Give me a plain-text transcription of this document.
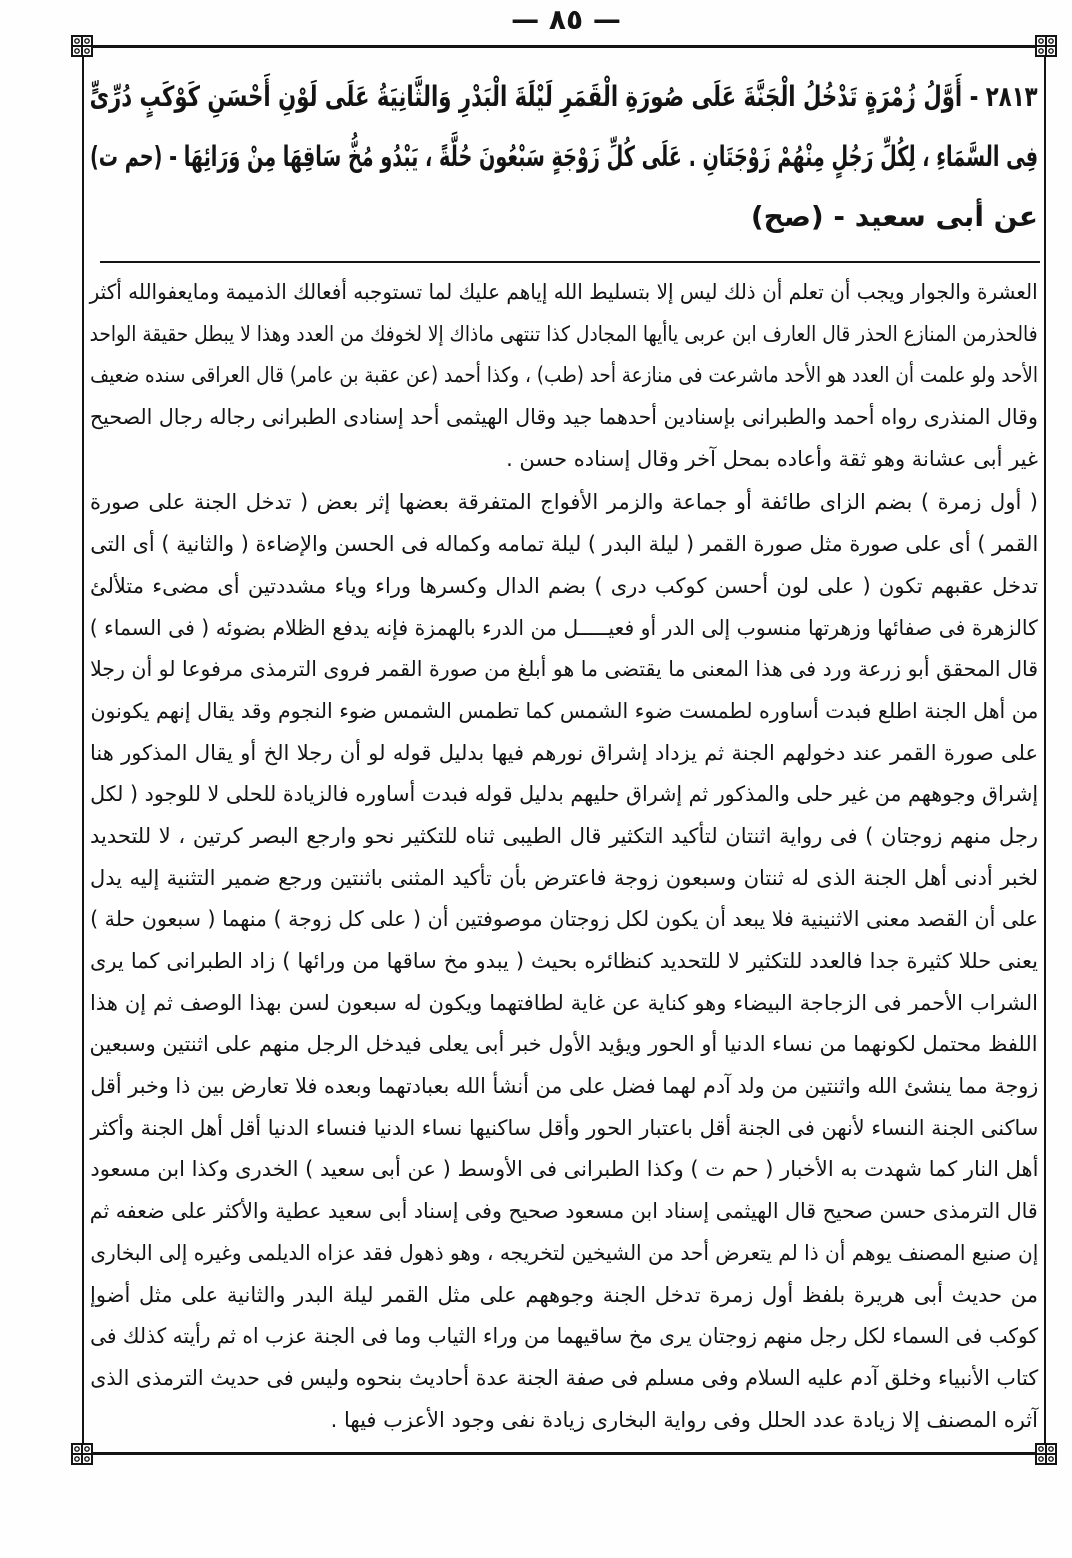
— ٨٥ —
٢٨١٣ - أَوَّلُ زُمْرَةٍ تَدْخُلُ الْجَنَّةَ عَلَى صُورَةِ الْقَمَرِ لَيْلَةَ الْبَدْرِ وَالثَّانِيَةُ عَلَى لَوْنِ أَحْسَنِ كَوْكَبٍ دُرِّىٍّ
فِى السَّمَاءِ ، لِكُلِّ رَجُلٍ مِنْهُمْ زَوْجَتَانِ . عَلَى كُلِّ زَوْجَةٍ سَبْعُونَ حُلَّةً ، يَبْدُو مُخُّ سَاقِهَا مِنْ وَرَائِهَا - (حم ت)
عن أبى سعيد - (صح)
العشرة والجوار ويجب أن تعلم أن ذلك ليس إلا بتسليط الله إياهم عليك لما تستوجبه أفعالك الذميمة ومايعفوالله أكثر
فالحذرمن المنازع الحذر قال العارف ابن عربى ياأيها المجادل كذا تنتهى ماذاك إلا لخوفك من العدد وهذا لا يبطل حقيقة الواحد
الأحد ولو علمت أن العدد هو الأحد ماشرعت فى منازعة أحد (طب) ، وكذا أحمد (عن عقبة بن عامر) قال العراقى سنده ضعيف
وقال المنذرى رواه أحمد والطبرانى بإسنادين أحدهما جيد وقال الهيثمى أحد إسنادى الطبرانى رجاله رجال الصحيح
غير أبى عشانة وهو ثقة وأعاده بمحل آخر وقال إسناده حسن .
( أول زمرة ) بضم الزاى طائفة أو جماعة والزمر الأفواج المتفرقة بعضها إثر بعض ( تدخل الجنة على صورة
القمر ) أى على صورة مثل صورة القمر ( ليلة البدر ) ليلة تمامه وكماله فى الحسن والإضاءة ( والثانية ) أى التى
تدخل عقبهم تكون ( على لون أحسن كوكب درى ) بضم الدال وكسرها وراء وياء مشددتين أى مضىء متلألئ
كالزهرة فى صفائها وزهرتها منسوب إلى الدر أو فعيـــــل من الدرء بالهمزة فإنه يدفع الظلام بضوئه ( فى السماء )
قال المحقق أبو زرعة ورد فى هذا المعنى ما يقتضى ما هو أبلغ من صورة القمر فروى الترمذى مرفوعا لو أن رجلا
من أهل الجنة اطلع فبدت أساوره لطمست ضوء الشمس كما تطمس الشمس ضوء النجوم وقد يقال إنهم يكونون
على صورة القمر عند دخولهم الجنة ثم يزداد إشراق نورهم فيها بدليل قوله لو أن رجلا الخ أو يقال المذكور هنا
إشراق وجوههم من غير حلى والمذكور ثم إشراق حليهم بدليل قوله فبدت أساوره فالزيادة للحلى لا للوجود ( لكل
رجل منهم زوجتان ) فى رواية اثنتان لتأكيد التكثير قال الطيبى ثناه للتكثير نحو وارجع البصر كرتين ، لا للتحديد
لخبر أدنى أهل الجنة الذى له ثنتان وسبعون زوجة فاعترض بأن تأكيد المثنى باثنتين ورجع ضمير التثنية إليه يدل
على أن القصد معنى الاثنينية فلا يبعد أن يكون لكل زوجتان موصوفتين أن ( على كل زوجة ) منهما ( سبعون حلة )
يعنى حللا كثيرة جدا فالعدد للتكثير لا للتحديد كنظائره بحيث ( يبدو مخ ساقها من ورائها ) زاد الطبرانى كما يرى
الشراب الأحمر فى الزجاجة البيضاء وهو كناية عن غاية لطافتهما ويكون له سبعون لسن بهذا الوصف ثم إن هذا
اللفظ محتمل لكونهما من نساء الدنيا أو الحور ويؤيد الأول خبر أبى يعلى فيدخل الرجل منهم على اثنتين وسبعين
زوجة مما ينشئ الله واثنتين من ولد آدم لهما فضل على من أنشأ الله بعبادتهما وبعده فلا تعارض بين ذا وخبر أقل
ساكنى الجنة النساء لأنهن فى الجنة أقل باعتبار الحور وأقل ساكنيها نساء الدنيا فنساء الدنيا أقل أهل الجنة وأكثر
أهل النار كما شهدت به الأخبار ( حم ت ) وكذا الطبرانى فى الأوسط ( عن أبى سعيد ) الخدرى وكذا ابن مسعود
قال الترمذى حسن صحيح قال الهيثمى إسناد ابن مسعود صحيح وفى إسناد أبى سعيد عطية والأكثر على ضعفه ثم
إن صنيع المصنف يوهم أن ذا لم يتعرض أحد من الشيخين لتخريجه ، وهو ذهول فقد عزاه الديلمى وغيره إلى البخارى
من حديث أبى هريرة بلفظ أول زمرة تدخل الجنة وجوههم على مثل القمر ليلة البدر والثانية على مثل أضوإ
كوكب فى السماء لكل رجل منهم زوجتان يرى مخ ساقيهما من وراء الثياب وما فى الجنة عزب اه ثم رأيته كذلك فى
كتاب الأنبياء وخلق آدم عليه السلام وفى مسلم فى صفة الجنة عدة أحاديث بنحوه وليس فى حديث الترمذى الذى
آثره المصنف إلا زيادة عدد الحلل وفى رواية البخارى زيادة نفى وجود الأعزب فيها .
